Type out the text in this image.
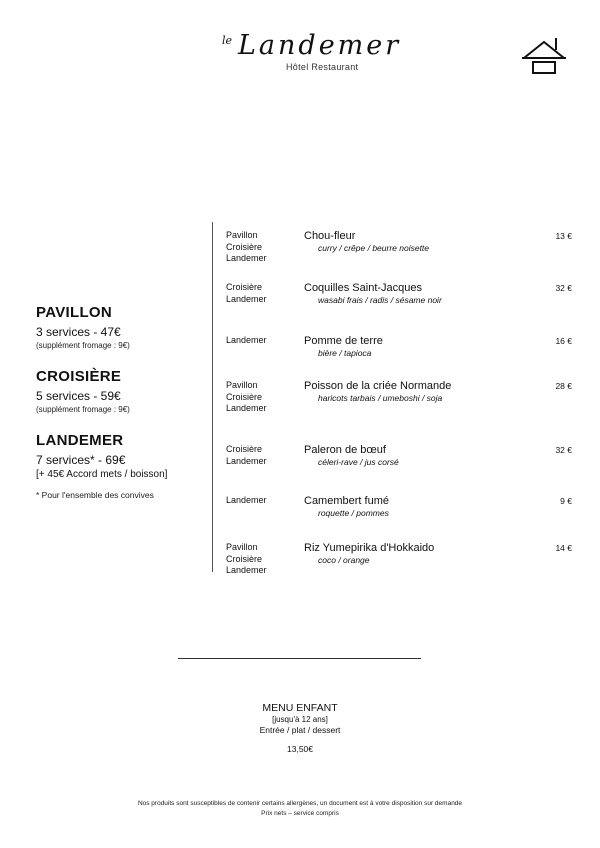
le Landemer
Hôtel Restaurant
PAVILLON
3 services - 47€
(supplément fromage : 9€)
CROISIÈRE
5 services - 59€
(supplément fromage : 9€)
LANDEMER
7 services* - 69€
[+ 45€ Accord mets / boisson]
* Pour l'ensemble des convives
Pavillon
Croisière
Landemer
Chou-fleur
curry / crêpe / beurre noisette
13 €
Croisière
Landemer
Coquilles Saint-Jacques
wasabi frais / radis / sésame noir
32 €
Landemer	Pomme de terre
bière / tapioca
16 €
Pavillon
Croisière
Landemer
Poisson de la criée Normande
haricots tarbais / umeboshi / soja
28 €
Croisière
Landemer
Paleron de bœuf
céleri-rave / jus corsé
32 €
Landemer	Camembert fumé
roquette / pommes
9 €
Pavillon
Croisière
Landemer
Riz Yumepirika d'Hokkaido
coco / orange
14 €
MENU ENFANT
[jusqu'à 12 ans]
Entrée / plat / dessert
13,50€
Nos produits sont susceptibles de contenir certains allergènes, un document est à votre disposition sur demande
Prix nets – service compris
